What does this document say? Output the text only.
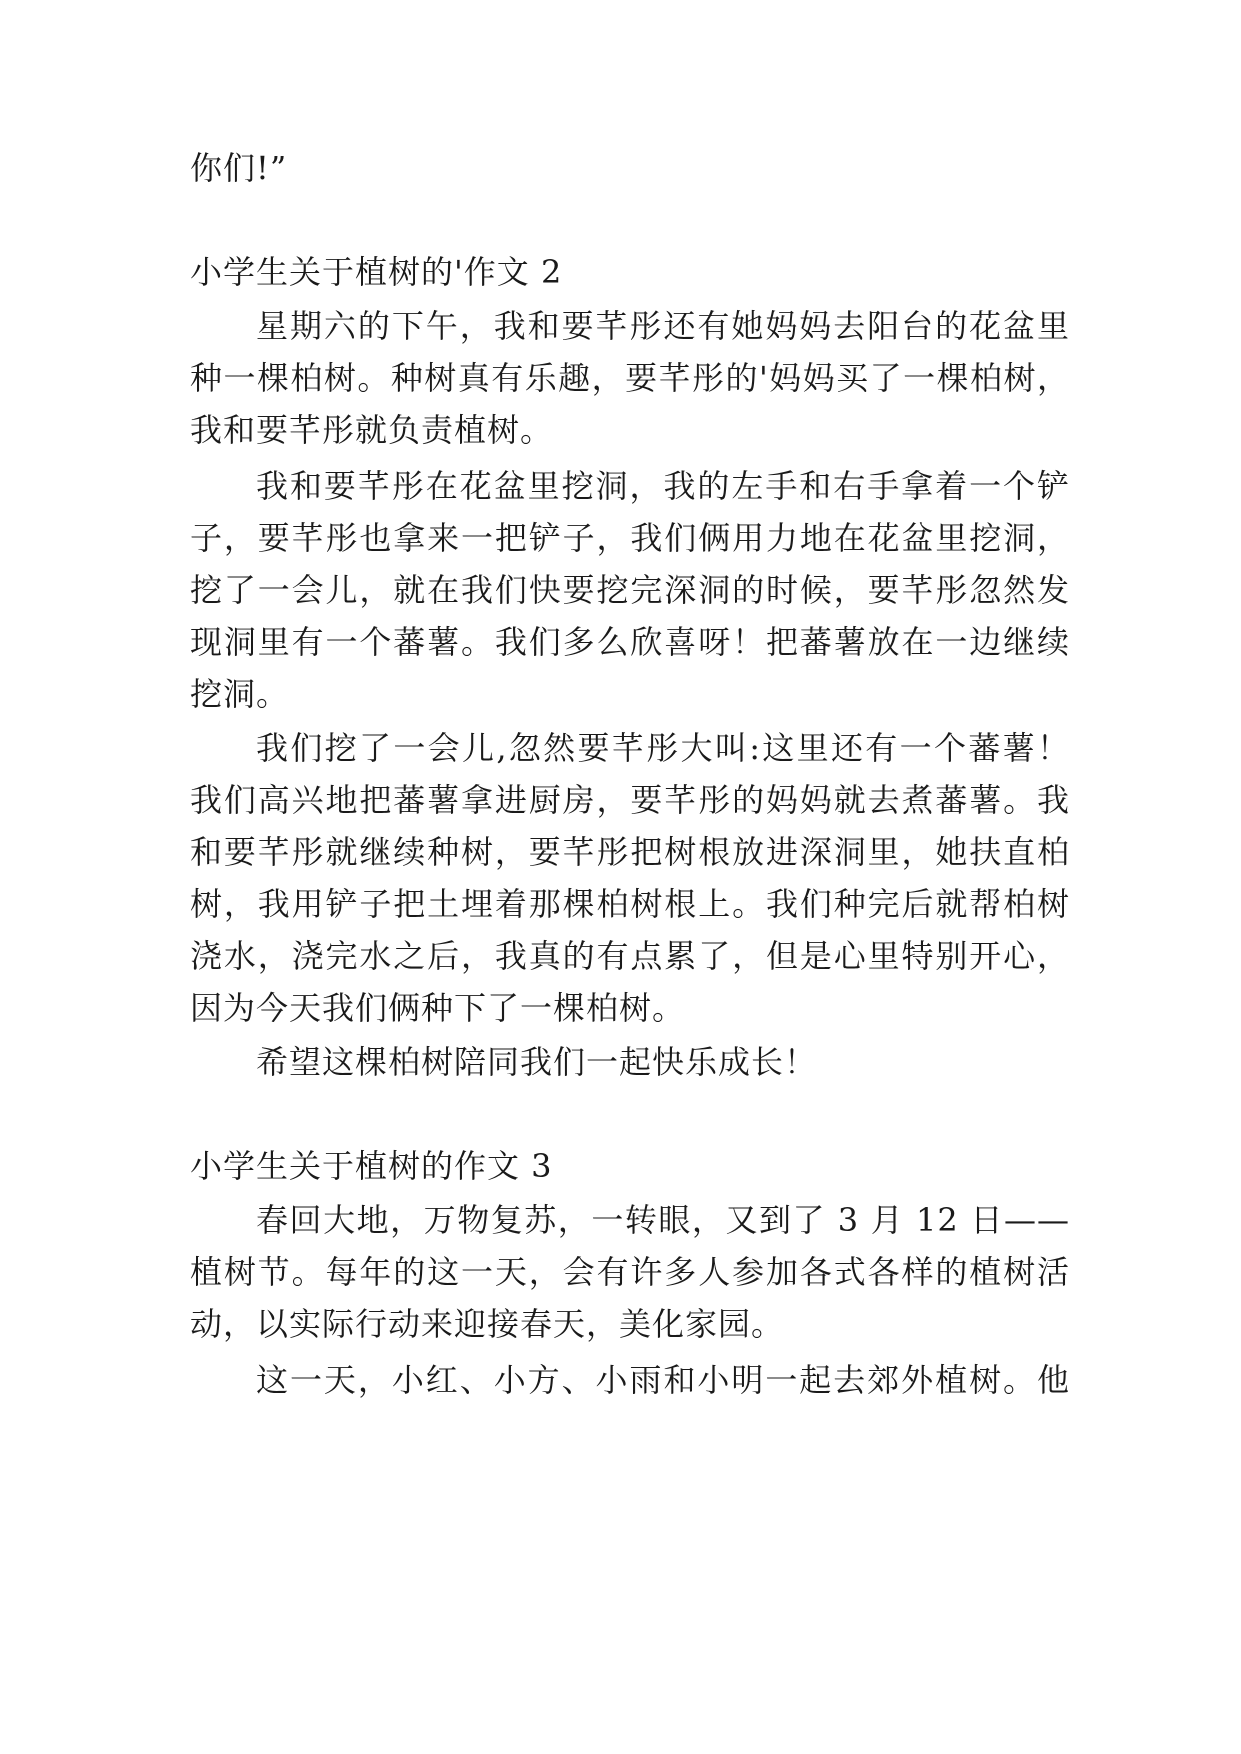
你们!”
小学生关于植树的'作文 2
星期六的下午，我和要芊彤还有她妈妈去阳台的花盆里
种一棵柏树。种树真有乐趣，要芊彤的'妈妈买了一棵柏树，
我和要芊彤就负责植树。
我和要芊彤在花盆里挖洞，我的左手和右手拿着一个铲
子，要芊彤也拿来一把铲子，我们俩用力地在花盆里挖洞，
挖了一会儿，就在我们快要挖完深洞的时候，要芊彤忽然发
现洞里有一个蕃薯。我们多么欣喜呀！把蕃薯放在一边继续
挖洞。
我们挖了一会儿,忽然要芊彤大叫:这里还有一个蕃薯！
我们高兴地把蕃薯拿进厨房，要芊彤的妈妈就去煮蕃薯。我
和要芊彤就继续种树，要芊彤把树根放进深洞里，她扶直柏
树，我用铲子把土埋着那棵柏树根上。我们种完后就帮柏树
浇水，浇完水之后，我真的有点累了，但是心里特别开心，
因为今天我们俩种下了一棵柏树。
希望这棵柏树陪同我们一起快乐成长！
小学生关于植树的作文 3
春回大地，万物复苏，一转眼，又到了 3 月 12 日——
植树节。每年的这一天，会有许多人参加各式各样的植树活
动，以实际行动来迎接春天，美化家园。
这一天，小红、小方、小雨和小明一起去郊外植树。他
